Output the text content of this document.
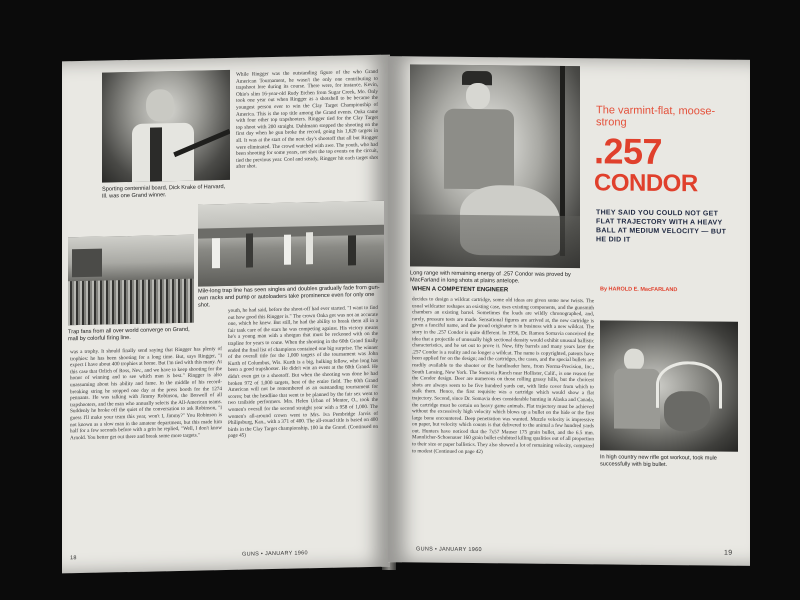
Sporting centennial board, Dick Krake of Harvard, Ill. was one Grand winner.
While Ringger was the outstanding figure of the who Grand American Tournament, he wasn't the only one contributing to trapshoot lore during its course. There were, for instance, Kevin, Ohio's slim 16-year-old Rudy Etchen from Sugar Creek, Mo. Only took one year out when Ringger as a shotshell to be became the youngest person ever to win the Clay Target Championship of America. This is the top title among the Grand events. Onka came with four other top trapshooters. Ringger tied for the Clay Target top shoot with 200 straight. Dahlmann stopped the shooting on the first day when he gun broke the record, going his 1,620 targets in all. It was at the start of the next day's shootoff that all but Ringger were eliminated. The crowd watched with awe. The youth, who had been shooting for some years, not shot the top events on the circuit, tied the previous year. Cool and steady, Ringger hit each target shot after shot.
Mile-long trap line has seen singles and doubles gradually fade from gun-own racks and pump or autoloaders take prominence even for only one shot.
Trap fans from all over world converge on Grand, mall by colorful firing line.
was a trophy. It should finally send saying that Ringger has plenty of trophies: he has been shooting for a long time. But, says Ringger, "I expect I have about 400 trophies at home. But I'm tied with this many. At this case that Orlich of Ross, Nev., and we have to keep shooting for the honor of winning and to see which man is best." Ringger is also unassuming about his ability and fame. In the middle of his record-breaking string he stopped one day at the press booth for the 1274 pennants. He was talking with Jimmy Robinson, the Boswell of all trapshooters, and the man who annually selects the All-American teams. Suddenly he broke off the quiet of the conversation to ask Robinson, "I guess I'll make your team this year, won't I, Jimmy?" You Robinson is not known as a slow man in the amateur department, but this made him half for a few seconds before with a grin he replied, "Well, I don't know Arnold. You better get out there and break some more targets."
youth, he had said, before the shoot-off had ever started. "I want to find out how good this Ringger is." The crown Onka got was not an accurate one, which he knew. But still, he had the ability to break them all in a fair tank care of the stars he was competing against. His victory means he's a young man with a shotgun that must be reckoned with on the trapline for years to come. When the shooting in the 60th Grand finally ended the final list of champions contained one big surprise. The winner of the overall title for the 1,000 targets of the tournament was John Kurth of Columbus, Wis. Kurth is a big, hulking fellow, who long has been a good trapshooter. He didn't win an event at the 60th Grand. He didn't even get to a shootoff. But when the shooting was done he had broken 972 of 1,000 targets, best of the entire field. The 60th Grand American will not be remembered as an outstanding tournament for scores; but the headline that went to be planned by the fair sex went to two trailside performers. Mrs. Helen Urban of Mentor, O., took the women's overall for the second straight year with a 958 of 1,000. The women's all-around crown went to Mrs. Iva Pembridge Jarvis of Philipsburg, Kan., with a 371 of 400. The all-round title is based on 400 birds in the Clay Target championship, 100 in the Grand. (Continued on page 45)
18
GUNS • JANUARY 1960
Long range with remaining energy of .257 Condor was proved by MacFarland in long shots at plains antelope.
The varmint-flat, moose-strong
.257
CONDOR
THEY SAID YOU COULD NOT GET FLAT TRAJECTORY WITH A HEAVY BALL AT MEDIUM VELOCITY — BUT HE DID IT
By HAROLD E. MacFARLAND
WHEN A COMPETENT ENGINEER
decides to design a wildcat cartridge, some old ideas are given some new twists. The usual wildcatter reshapes an existing case, uses existing components, and the gunsmith chambers an existing barrel. Sometimes the loads are wildly chronographed, and, rarely, pressure tests are made. Sensational figures are arrived at, the new cartridge is given a fanciful name, and the proud originator is in business with a new wildcat. The story in the .257 Condor is quite different. In 1956, Dr. Ramon Somavia conceived the idea that a projectile of unusually high sectional density would exhibit unusual ballistic characteristics, and he set out to prove it. New, fifty barrels and many years later the .257 Condor is a reality and no longer a wildcat. The name is copyrighted, patents have been applied for on the design; and the cartridges, the cases, and the special bullets are readily available to the shooter or the handloader here, from Norma-Precision, Inc., South Lansing, New York. The Somavia Ranch near Hollister, Calif., is one reason for the Condor design. Deer are numerous on those rolling grassy hills, but the choicest shots are always seem to be five hundred yards out, with little cover from which to stalk them. Hence, the first requisite was a cartridge which would show a flat trajectory. Second, since Dr. Somavia does considerable hunting in Alaska and Canada, the cartridge must be certain on heavy game animals. Flat trajectory must be achieved without the excessively high velocity which blows up a bullet on the hide or the first large bone encountered. Deep penetration was wanted. Muzzle velocity is impressive on paper, but velocity which counts is that delivered to the animal a few hundred yards out. Hunters have noticed that the 7x57 Mauser 175 grain bullet, and the 6.5 mm. Mannlicher-Schoenauer 160 grain bullet exhibited killing qualities out of all proportion to their size or paper ballistics. They also showed a lot of remaining velocity, compared to modest (Continued on page 42)
In high country new rifle got workout, took mule successfully with big bullet.
GUNS • JANUARY 1960	19
